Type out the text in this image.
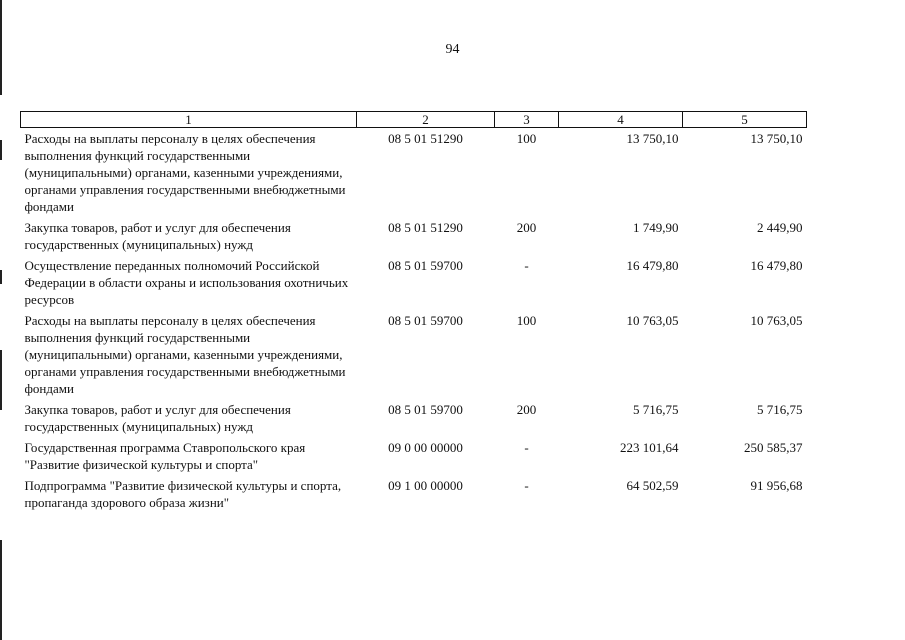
94
1	2	3	4	5
Расходы на выплаты персоналу в целях обеспечения выполнения функций государственными (муниципальными) органами, казенными учреждениями, органами управления государственными внебюджетными фондами	08 5 01 51290	100	13 750,10	13 750,10
Закупка товаров, работ и услуг для обеспечения государственных (муниципальных) нужд	08 5 01 51290	200	1 749,90	2 449,90
Осуществление переданных полномочий Российской Федерации в области охраны и использования охотничьих ресурсов	08 5 01 59700	-	16 479,80	16 479,80
Расходы на выплаты персоналу в целях обеспечения выполнения функций государственными (муниципальными) органами, казенными учреждениями, органами управления государственными внебюджетными фондами	08 5 01 59700	100	10 763,05	10 763,05
Закупка товаров, работ и услуг для обеспечения государственных (муниципальных) нужд	08 5 01 59700	200	5 716,75	5 716,75
Государственная программа Ставропольского края "Развитие физической культуры и спорта"	09 0 00 00000	-	223 101,64	250 585,37
Подпрограмма "Развитие физической культуры и спорта, пропаганда здорового образа жизни"	09 1 00 00000	-	64 502,59	91 956,68
